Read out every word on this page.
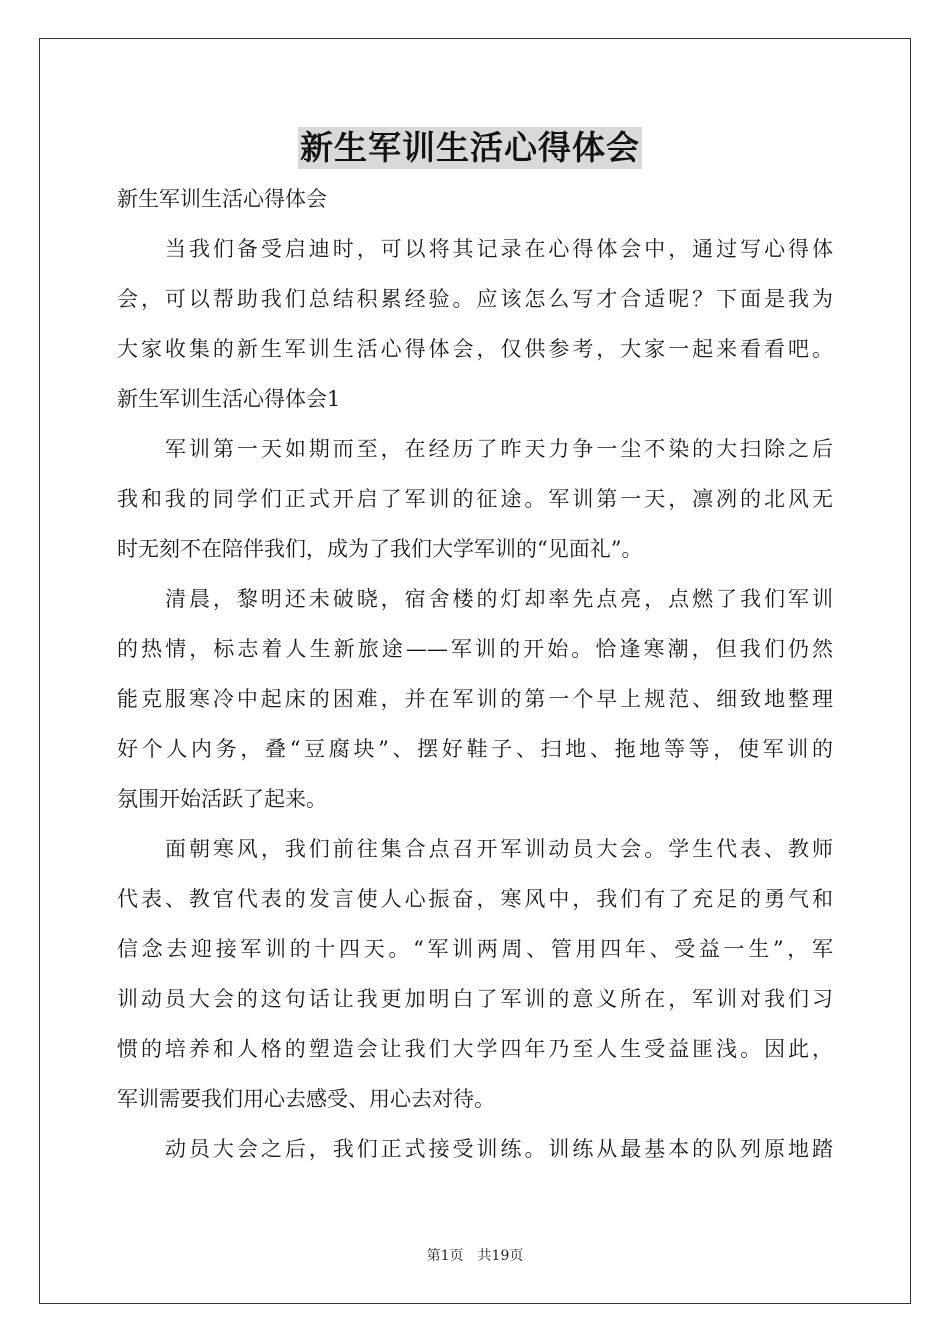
新生军训生活心得体会
新生军训生活心得体会
当我们备受启迪时，可以将其记录在心得体会中，通过写心得体
会，可以帮助我们总结积累经验。应该怎么写才合适呢？下面是我为
大家收集的新生军训生活心得体会，仅供参考，大家一起来看看吧。
新生军训生活心得体会1
军训第一天如期而至，在经历了昨天力争一尘不染的大扫除之后
我和我的同学们正式开启了军训的征途。军训第一天，凛冽的北风无
时无刻不在陪伴我们，成为了我们大学军训的“见面礼”。
清晨，黎明还未破晓，宿舍楼的灯却率先点亮，点燃了我们军训
的热情，标志着人生新旅途——军训的开始。恰逢寒潮，但我们仍然
能克服寒冷中起床的困难，并在军训的第一个早上规范、细致地整理
好个人内务，叠“豆腐块”、摆好鞋子、扫地、拖地等等，使军训的
氛围开始活跃了起来。
面朝寒风，我们前往集合点召开军训动员大会。学生代表、教师
代表、教官代表的发言使人心振奋，寒风中，我们有了充足的勇气和
信念去迎接军训的十四天。“军训两周、管用四年、受益一生”，军
训动员大会的这句话让我更加明白了军训的意义所在，军训对我们习
惯的培养和人格的塑造会让我们大学四年乃至人生受益匪浅。因此，
军训需要我们用心去感受、用心去对待。
动员大会之后，我们正式接受训练。训练从最基本的队列原地踏
第1页　共19页
